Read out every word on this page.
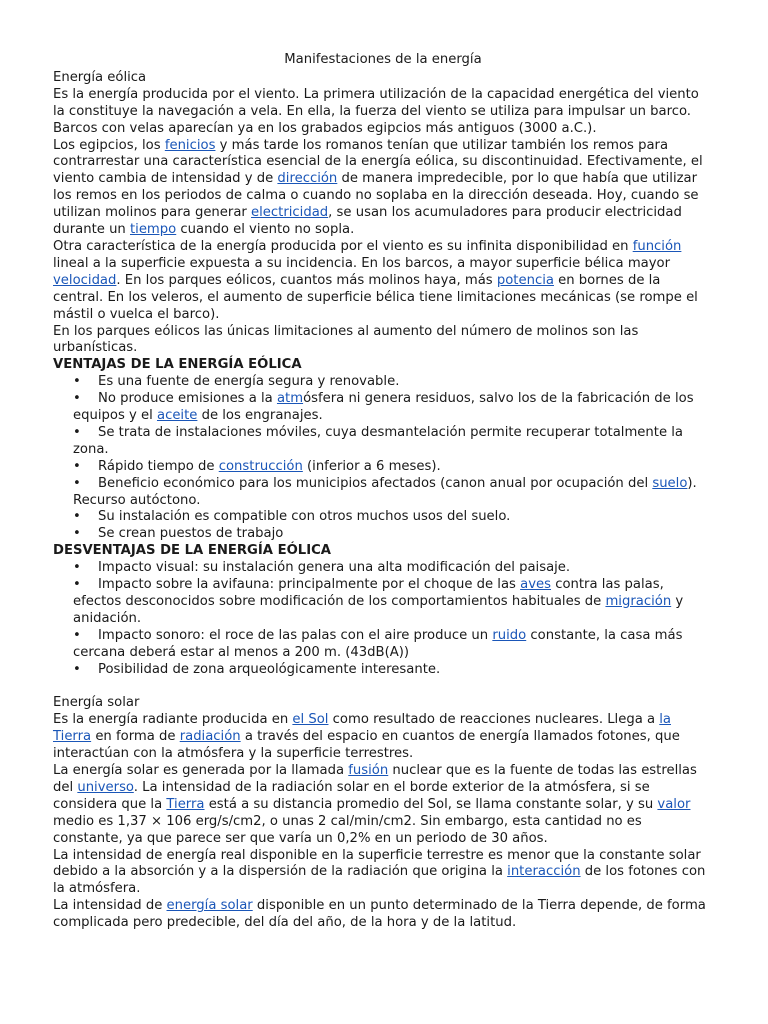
Manifestaciones de la energía

Energía eólica

Es la energía producida por el viento. La primera utilización de la capacidad energética del viento la constituye la navegación a vela. En ella, la fuerza del viento se utiliza para impulsar un barco. Barcos con velas aparecían ya en los grabados egipcios más antiguos (3000 a.C.).

Los egipcios, los fenicios y más tarde los romanos tenían que utilizar también los remos para contrarrestar una característica esencial de la energía eólica, su discontinuidad. Efectivamente, el viento cambia de intensidad y de dirección de manera impredecible, por lo que había que utilizar los remos en los periodos de calma o cuando no soplaba en la dirección deseada. Hoy, cuando se utilizan molinos para generar electricidad, se usan los acumuladores para producir electricidad durante un tiempo cuando el viento no sopla.

Otra característica de la energía producida por el viento es su infinita disponibilidad en función lineal a la superficie expuesta a su incidencia. En los barcos, a mayor superficie bélica mayor velocidad. En los parques eólicos, cuantos más molinos haya, más potencia en bornes de la central. En los veleros, el aumento de superficie bélica tiene limitaciones mecánicas (se rompe el mástil o vuelca el barco).

En los parques eólicos las únicas limitaciones al aumento del número de molinos son las urbanísticas.

VENTAJAS DE LA ENERGÍA EÓLICA

• Es una fuente de energía segura y renovable.
• No produce emisiones a la atmósfera ni genera residuos, salvo los de la fabricación de los equipos y el aceite de los engranajes.
• Se trata de instalaciones móviles, cuya desmantelación permite recuperar totalmente la zona.
• Rápido tiempo de construcción (inferior a 6 meses).
• Beneficio económico para los municipios afectados (canon anual por ocupación del suelo). Recurso autóctono.
• Su instalación es compatible con otros muchos usos del suelo.
• Se crean puestos de trabajo

DESVENTAJAS DE LA ENERGÍA EÓLICA

• Impacto visual: su instalación genera una alta modificación del paisaje.
• Impacto sobre la avifauna: principalmente por el choque de las aves contra las palas, efectos desconocidos sobre modificación de los comportamientos habituales de migración y anidación.
• Impacto sonoro: el roce de las palas con el aire produce un ruido constante, la casa más cercana deberá estar al menos a 200 m. (43dB(A))
• Posibilidad de zona arqueológicamente interesante.

Energía solar

Es la energía radiante producida en el Sol como resultado de reacciones nucleares. Llega a la Tierra en forma de radiación a través del espacio en cuantos de energía llamados fotones, que interactúan con la atmósfera y la superficie terrestres.

La energía solar es generada por la llamada fusión nuclear que es la fuente de todas las estrellas del universo. La intensidad de la radiación solar en el borde exterior de la atmósfera, si se considera que la Tierra está a su distancia promedio del Sol, se llama constante solar, y su valor medio es 1,37 × 106 erg/s/cm2, o unas 2 cal/min/cm2. Sin embargo, esta cantidad no es constante, ya que parece ser que varía un 0,2% en un periodo de 30 años.

La intensidad de energía real disponible en la superficie terrestre es menor que la constante solar debido a la absorción y a la dispersión de la radiación que origina la interacción de los fotones con la atmósfera.

La intensidad de energía solar disponible en un punto determinado de la Tierra depende, de forma complicada pero predecible, del día del año, de la hora y de la latitud.
